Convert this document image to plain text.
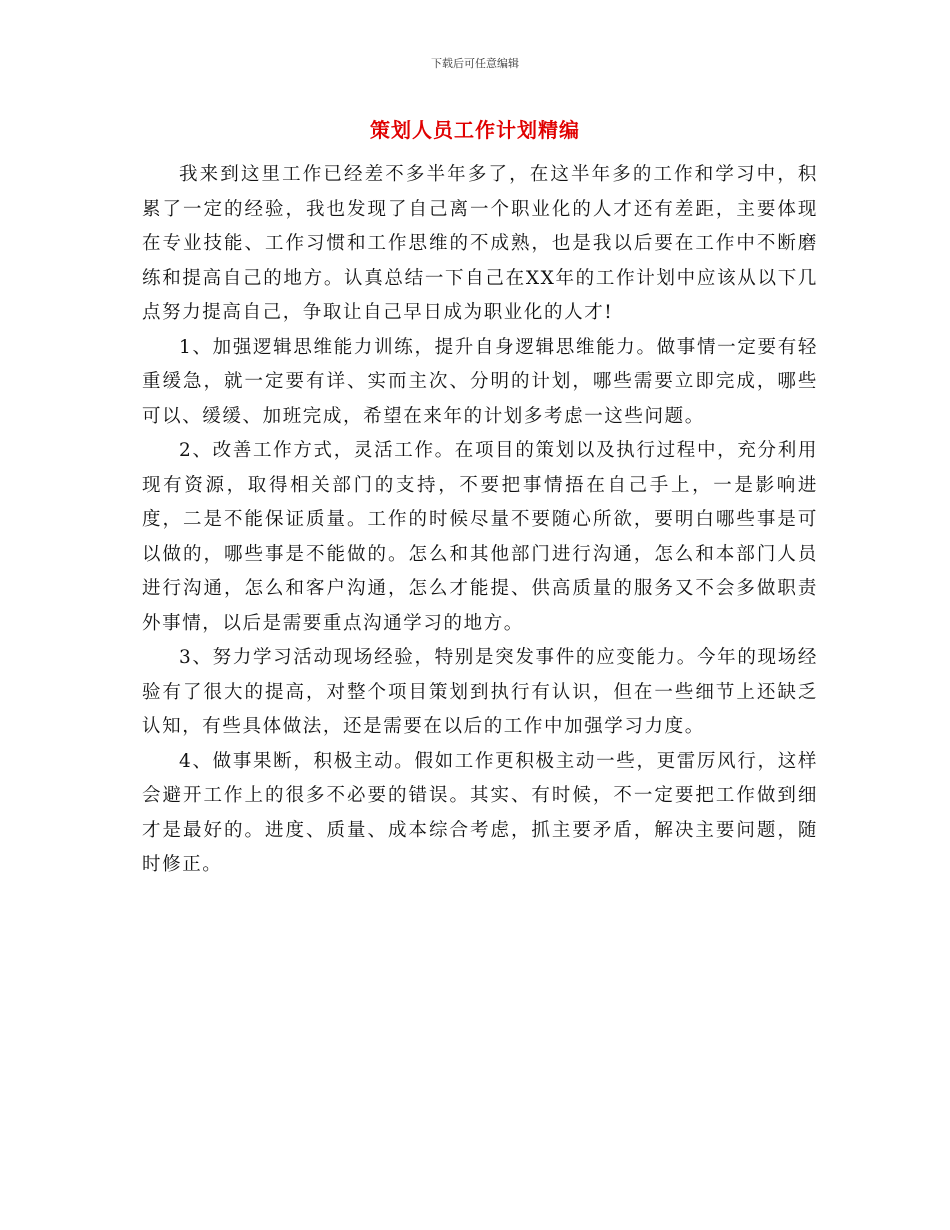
下载后可任意编辑
策划人员工作计划精编

我来到这里工作已经差不多半年多了，在这半年多的工作和学习中，积累了一定的经验，我也发现了自己离一个职业化的人才还有差距，主要体现在专业技能、工作习惯和工作思维的不成熟，也是我以后要在工作中不断磨练和提高自己的地方。认真总结一下自己在XX年的工作计划中应该从以下几点努力提高自己，争取让自己早日成为职业化的人才!

1、加强逻辑思维能力训练，提升自身逻辑思维能力。做事情一定要有轻重缓急，就一定要有详、实而主次、分明的计划，哪些需要立即完成，哪些可以、缓缓、加班完成，希望在来年的计划多考虑一这些问题。

2、改善工作方式，灵活工作。在项目的策划以及执行过程中，充分利用现有资源，取得相关部门的支持，不要把事情捂在自己手上，一是影响进度，二是不能保证质量。工作的时候尽量不要随心所欲，要明白哪些事是可以做的，哪些事是不能做的。怎么和其他部门进行沟通，怎么和本部门人员进行沟通，怎么和客户沟通，怎么才能提、供高质量的服务又不会多做职责外事情，以后是需要重点沟通学习的地方。

3、努力学习活动现场经验，特别是突发事件的应变能力。今年的现场经验有了很大的提高，对整个项目策划到执行有认识，但在一些细节上还缺乏认知，有些具体做法，还是需要在以后的工作中加强学习力度。

4、做事果断，积极主动。假如工作更积极主动一些，更雷厉风行，这样会避开工作上的很多不必要的错误。其实、有时候，不一定要把工作做到细才是最好的。进度、质量、成本综合考虑，抓主要矛盾，解决主要问题，随时修正。
